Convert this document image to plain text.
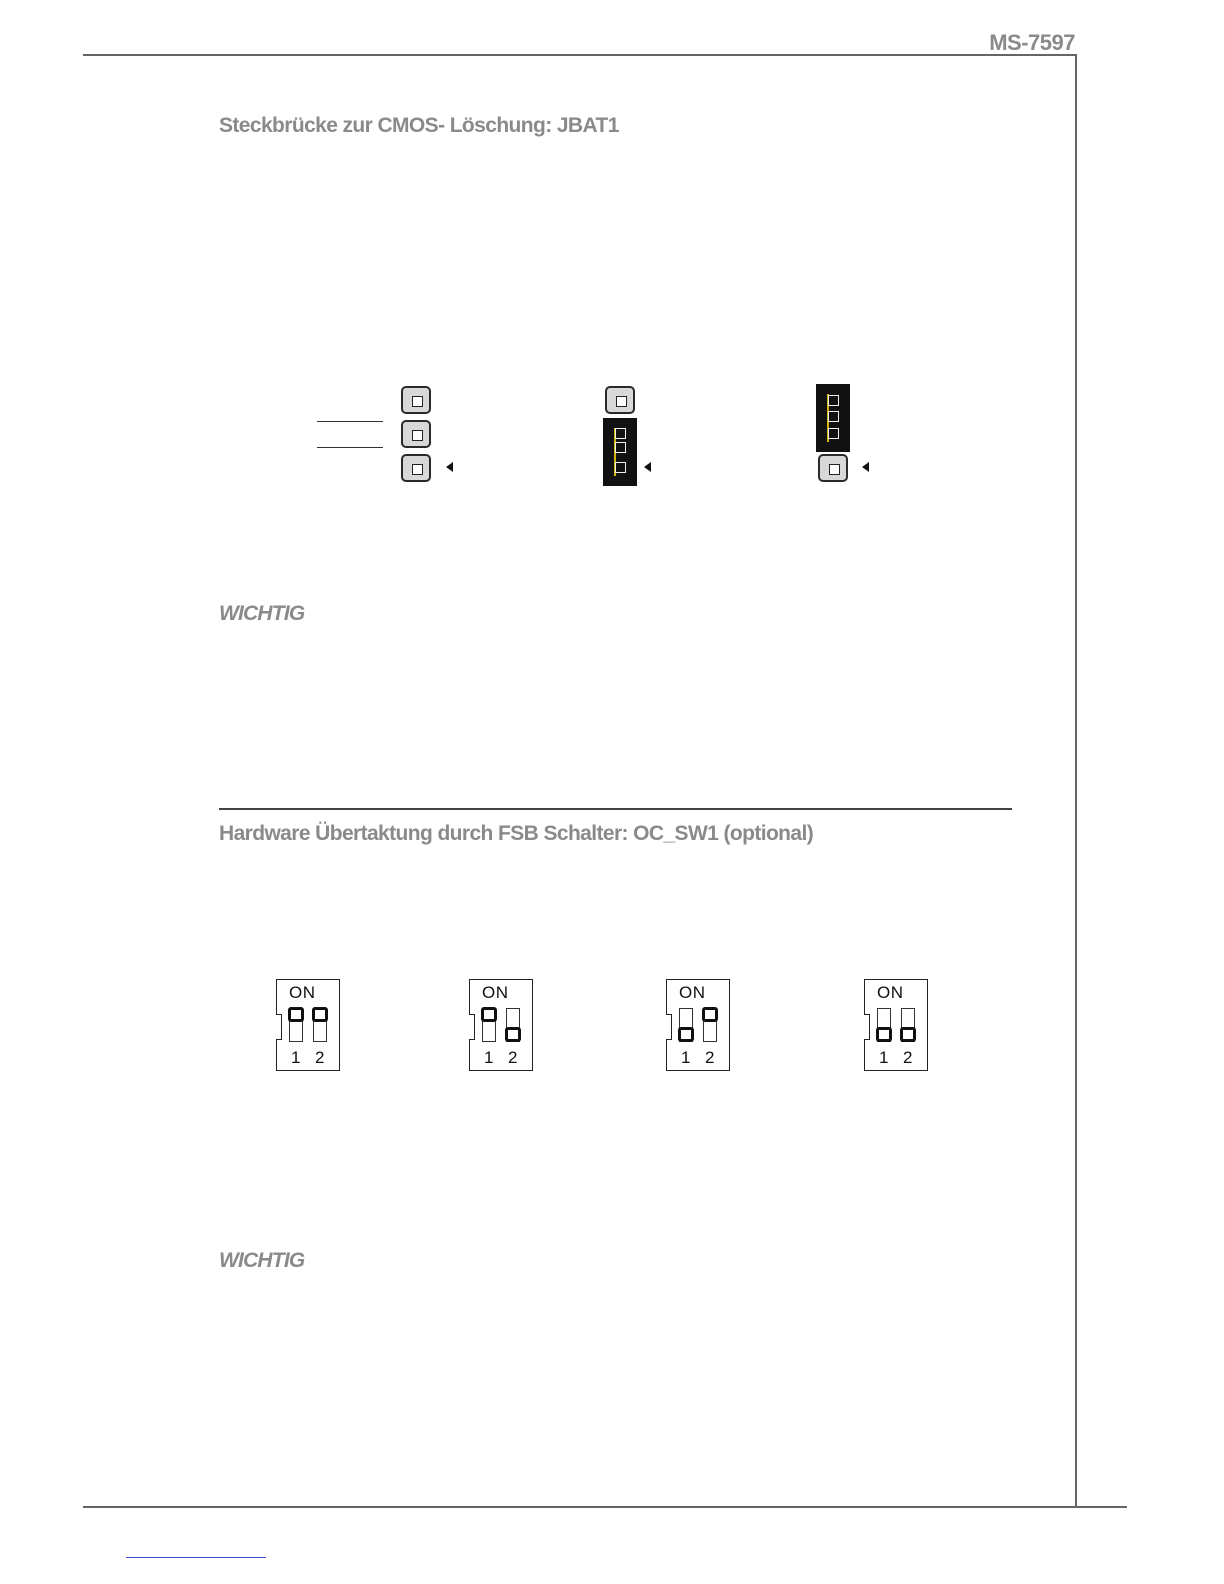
MS-7597
Steckbrücke zur CMOS- Löschung: JBAT1
WICHTIG
Hardware Übertaktung durch FSB Schalter: OC_SW1 (optional)
ON
1 2
ON
1 2
ON
1 2
ON
1 2
WICHTIG
